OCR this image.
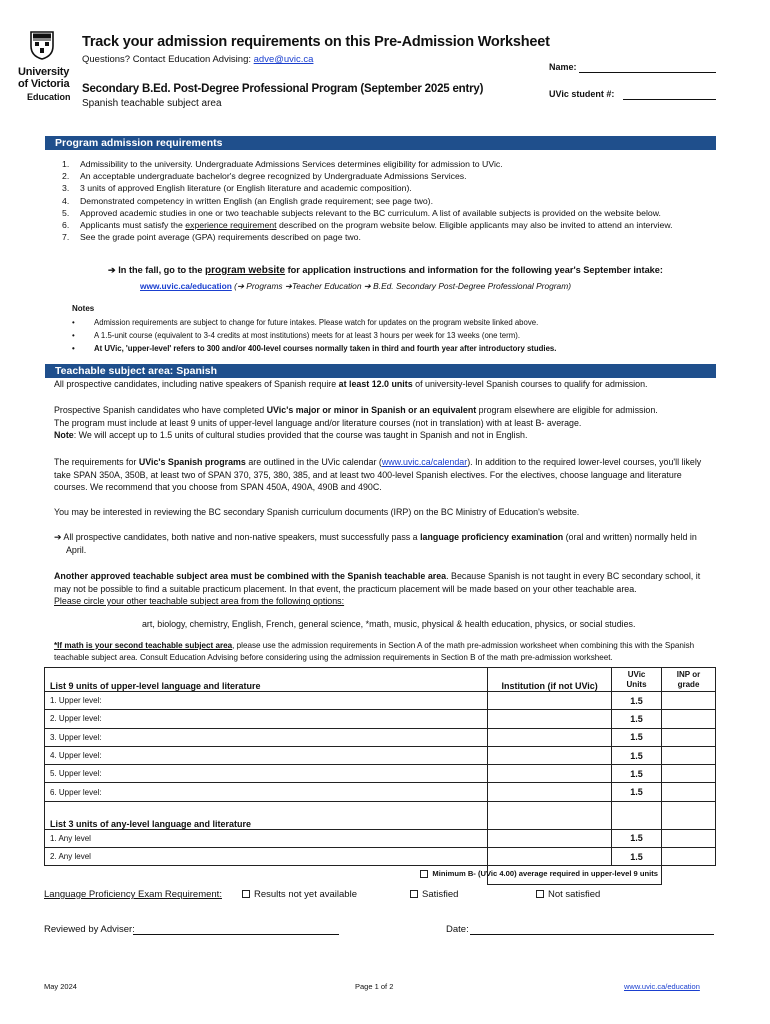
University
of Victoria
Education
Track your admission requirements on this Pre-Admission Worksheet
Questions? Contact Education Advising: adve@uvic.ca
Secondary B.Ed. Post-Degree Professional Program (September 2025 entry)
Spanish teachable subject area
Name:
UVic student #:
Program admission requirements
1. Admissibility to the university. Undergraduate Admissions Services determines eligibility for admission to UVic.
2. An acceptable undergraduate bachelor's degree recognized by Undergraduate Admissions Services.
3. 3 units of approved English literature (or English literature and academic composition).
4. Demonstrated competency in written English (an English grade requirement; see page two).
5. Approved academic studies in one or two teachable subjects relevant to the BC curriculum. A list of available subjects is provided on the website below.
6. Applicants must satisfy the experience requirement described on the program website below. Eligible applicants may also be invited to attend an interview.
7. See the grade point average (GPA) requirements described on page two.
➔ In the fall, go to the program website for application instructions and information for the following year's September intake:
www.uvic.ca/education (➔ Programs ➔Teacher Education ➔ B.Ed. Secondary Post-Degree Professional Program)
Notes
• Admission requirements are subject to change for future intakes. Please watch for updates on the program website linked above.
• A 1.5-unit course (equivalent to 3-4 credits at most institutions) meets for at least 3 hours per week for 13 weeks (one term).
• At UVic, 'upper-level' refers to 300 and/or 400-level courses normally taken in third and fourth year after introductory studies.
Teachable subject area: Spanish
All prospective candidates, including native speakers of Spanish require at least 12.0 units of university-level Spanish courses to qualify for admission.
Prospective Spanish candidates who have completed UVic's major or minor in Spanish or an equivalent program elsewhere are eligible for admission.
The program must include at least 9 units of upper-level language and/or literature courses (not in translation) with at least B- average.
Note: We will accept up to 1.5 units of cultural studies provided that the course was taught in Spanish and not in English.
The requirements for UVic's Spanish programs are outlined in the UVic calendar (www.uvic.ca/calendar). In addition to the required lower-level courses, you'll likely take SPAN 350A, 350B, at least two of SPAN 370, 375, 380, 385, and at least two 400-level Spanish electives. For the electives, choose language and literature courses. We recommend that you choose from SPAN 450A, 490A, 490B and 490C.
You may be interested in reviewing the BC secondary Spanish curriculum documents (IRP) on the BC Ministry of Education's website.
➔ All prospective candidates, both native and non-native speakers, must successfully pass a language proficiency examination (oral and written) normally held in April.
Another approved teachable subject area must be combined with the Spanish teachable area. Because Spanish is not taught in every BC secondary school, it may not be possible to find a suitable practicum placement. In that event, the practicum placement will be made based on your other teachable area.
Please circle your other teachable subject area from the following options:
art, biology, chemistry, English, French, general science, *math, music, physical & health education, physics, or social studies.
*If math is your second teachable subject area, please use the admission requirements in Section A of the math pre-admission worksheet when combining this with the Spanish teachable subject area. Consult Education Advising before considering using the admission requirements in Section B of the math pre-admission worksheet.
List 9 units of upper-level language and literature	Institution (if not UVic)	UVic Units	INP or grade
1. Upper level:		1.5	
2. Upper level:		1.5	
3. Upper level:		1.5	
4. Upper level:		1.5	
5. Upper level:		1.5	
6. Upper level:		1.5	
List 3 units of any-level language and literature			
1. Any level		1.5	
2. Any level		1.5	

	Minimum B- (UVic 4.00) average required in upper-level 9 units		

Language Proficiency Exam Requirement:	Results not yet available	Satisfied	Not satisfied
Reviewed by Adviser:	Date:
May 2024	Page 1 of 2	www.uvic.ca/education
